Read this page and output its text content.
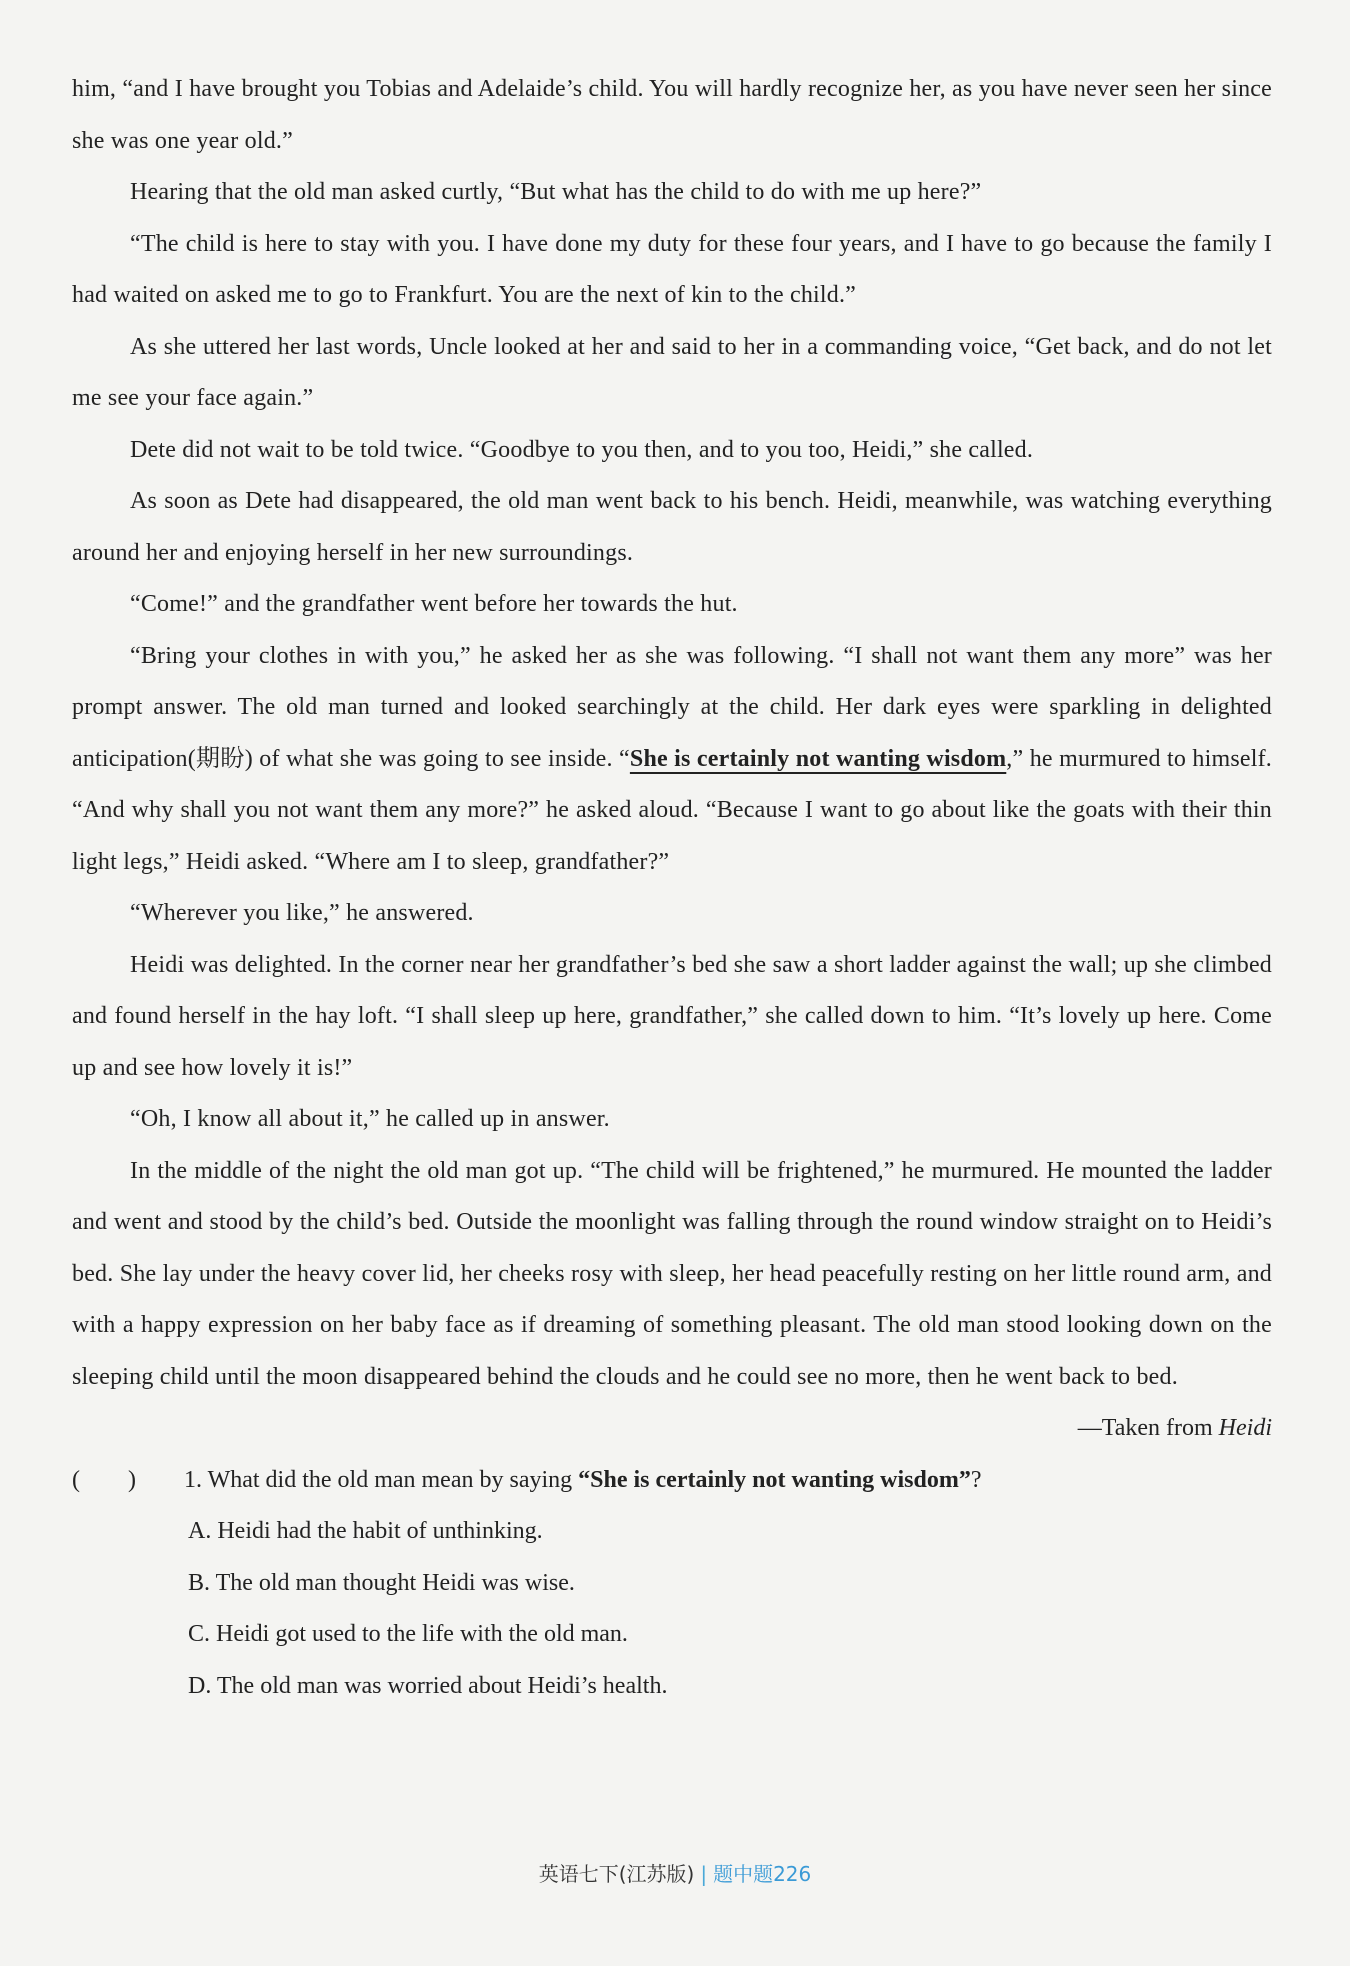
him, “and I have brought you Tobias and Adelaide’s child. You will hardly recognize her, as you have never seen her since she was one year old.”

Hearing that the old man asked curtly, “But what has the child to do with me up here?”

“The child is here to stay with you. I have done my duty for these four years, and I have to go because the family I had waited on asked me to go to Frankfurt. You are the next of kin to the child.”

As she uttered her last words, Uncle looked at her and said to her in a commanding voice, “Get back, and do not let me see your face again.”

Dete did not wait to be told twice. “Goodbye to you then, and to you too, Heidi,” she called.

As soon as Dete had disappeared, the old man went back to his bench. Heidi, meanwhile, was watching everything around her and enjoying herself in her new surroundings.

“Come!” and the grandfather went before her towards the hut.

“Bring your clothes in with you,” he asked her as she was following. “I shall not want them any more” was her prompt answer. The old man turned and looked searchingly at the child. Her dark eyes were sparkling in delighted anticipation(期盼) of what she was going to see inside. “She is certainly not wanting wisdom,” he murmured to himself. “And why shall you not want them any more?” he asked aloud. “Because I want to go about like the goats with their thin light legs,” Heidi asked. “Where am I to sleep, grandfather?”

“Wherever you like,” he answered.

Heidi was delighted. In the corner near her grandfather’s bed she saw a short ladder against the wall; up she climbed and found herself in the hay loft. “I shall sleep up here, grandfather,” she called down to him. “It’s lovely up here. Come up and see how lovely it is!”

“Oh, I know all about it,” he called up in answer.

In the middle of the night the old man got up. “The child will be frightened,” he murmured. He mounted the ladder and went and stood by the child’s bed. Outside the moonlight was falling through the round window straight on to Heidi’s bed. She lay under the heavy cover lid, her cheeks rosy with sleep, her head peacefully resting on her little round arm, and with a happy expression on her baby face as if dreaming of something pleasant. The old man stood looking down on the sleeping child until the moon disappeared behind the clouds and he could see no more, then he went back to bed.

—Taken from Heidi

(        )	1. What did the old man mean by saying “She is certainly not wanting wisdom”?

A. Heidi had the habit of unthinking.

B. The old man thought Heidi was wise.

C. Heidi got used to the life with the old man.

D. The old man was worried about Heidi’s health.

英语七下(江苏版) | 题中题226
